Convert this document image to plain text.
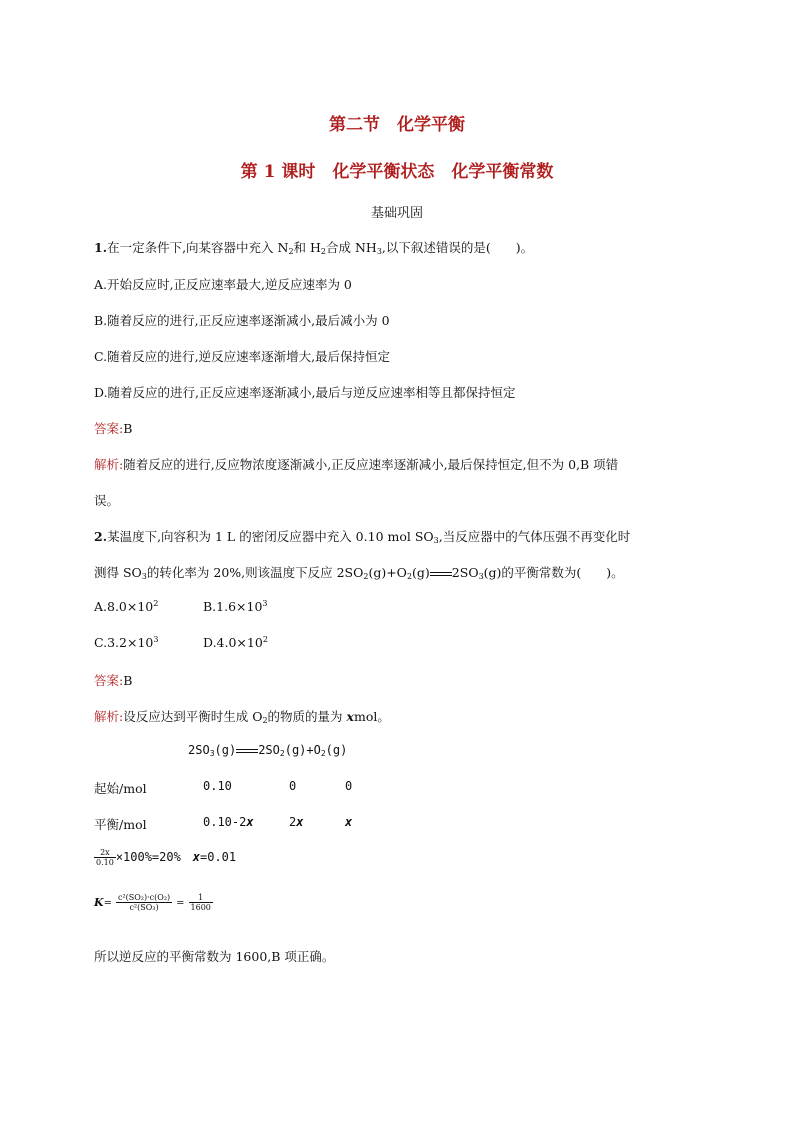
第二节　化学平衡
第 1 课时　化学平衡状态　化学平衡常数
基础巩固
1.在一定条件下,向某容器中充入 $N_2$和 $H_2$合成 $NH_3$,以下叙述错误的是(　　)。
A.开始反应时,正反应速率最大,逆反应速率为 0
B.随着反应的进行,正反应速率逐渐减小,最后减小为 0
C.随着反应的进行,逆反应速率逐渐增大,最后保持恒定
D.随着反应的进行,正反应速率逐渐减小,最后与逆反应速率相等且都保持恒定
答案:B
解析:随着反应的进行,反应物浓度逐渐减小,正反应速率逐渐减小,最后保持恒定,但不为 0,B 项错
误。
2.某温度下,向容积为 1 L 的密闭反应器中充入 0.10 mol $SO_3$,当反应器中的气体压强不再变化时
测得 $SO_3$的转化率为 20%,则该温度下反应 $2SO_2(g)+O_2(g)$ $2SO_3(g)$的平衡常数为(　　)。
$A.8.0\times 10^2$	$B.1.6\times 10^3$
$C.3.2\times 10^3$	$D.4.0\times 10^2$
答案:B
解析:设反应达到平衡时生成 $O_2$的物质的量为 xmol。
$2SO_3(g)$ $2SO_2(g)+O_2(g)$
起始/mol	0.10	0	0
平衡/mol	0.10-2x	2x	x
$\frac{2x}{0.10} \times 100\%=20\%$ x=0.01
$K= \frac{\text{c²(SO₂)·c(O₂)}}{\text{c²(SO₃)}} = \frac{1}{1600}$
所以逆反应的平衡常数为 1600,B 项正确。
